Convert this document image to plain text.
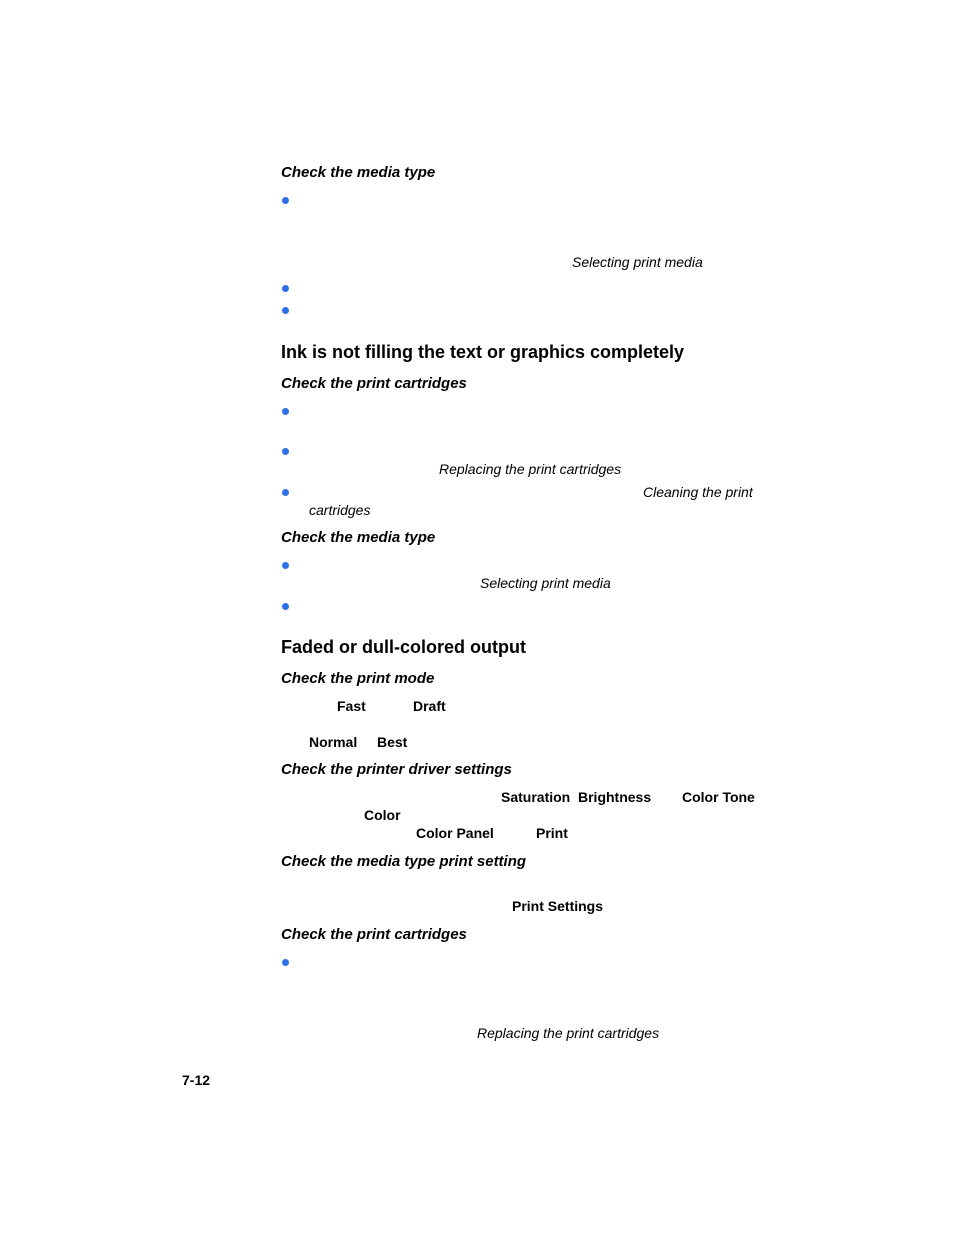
Check the media type
Selecting print media
Ink is not filling the text or graphics completely
Check the print cartridges
Replacing the print cartridges
Cleaning the print
cartridges
Check the media type
Selecting print media
Faded or dull-colored output
Check the print mode
Fast	Draft
Normal Best
Check the printer driver settings
Saturation Brightness Color Tone
Color
Color Panel	Print
Check the media type print setting
Print Settings
Check the print cartridges
Replacing the print cartridges
7-12
